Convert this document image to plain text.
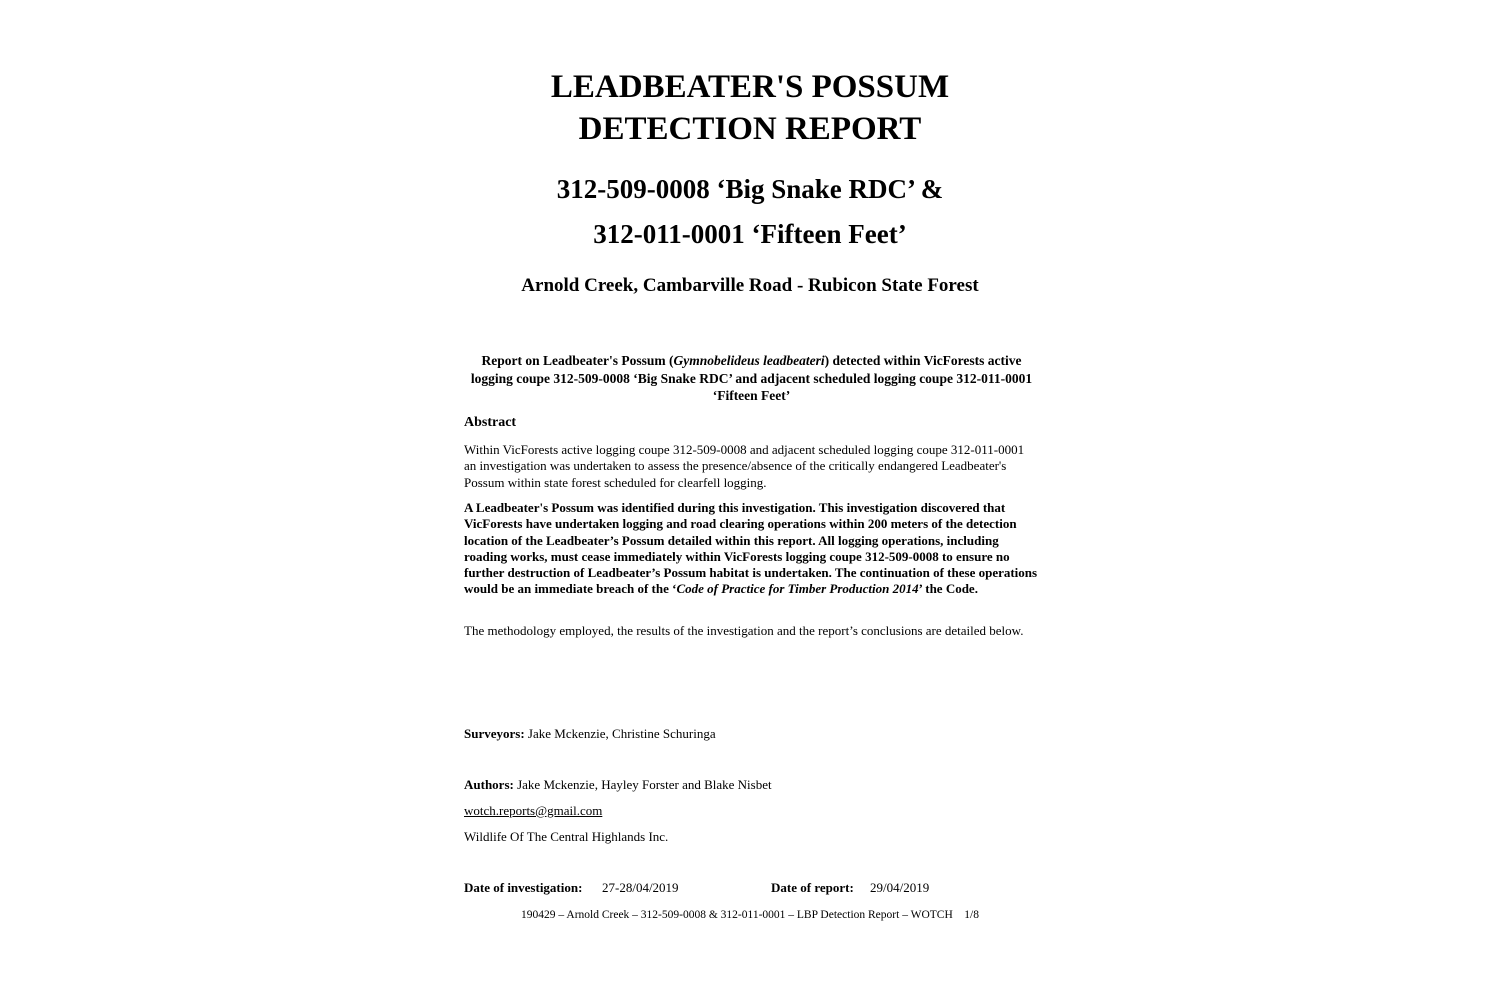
LEADBEATER'S POSSUM
DETECTION REPORT
312-509-0008 ‘Big Snake RDC’ &
312-011-0001 ‘Fifteen Feet’
Arnold Creek, Cambarville Road - Rubicon State Forest

Report on Leadbeater's Possum (Gymnobelideus leadbeateri) detected within VicForests active logging coupe 312-509-0008 ‘Big Snake RDC’ and adjacent scheduled logging coupe 312-011-0001 ‘Fifteen Feet’

Abstract

Within VicForests active logging coupe 312-509-0008 and adjacent scheduled logging coupe 312-011-0001 an investigation was undertaken to assess the presence/absence of the critically endangered Leadbeater's Possum within state forest scheduled for clearfell logging.

A Leadbeater's Possum was identified during this investigation. This investigation discovered that VicForests have undertaken logging and road clearing operations within 200 meters of the detection location of the Leadbeater’s Possum detailed within this report. All logging operations, including roading works, must cease immediately within VicForests logging coupe 312-509-0008 to ensure no further destruction of Leadbeater’s Possum habitat is undertaken. The continuation of these operations would be an immediate breach of the ‘Code of Practice for Timber Production 2014’ the Code.

The methodology employed, the results of the investigation and the report’s conclusions are detailed below.

Surveyors: Jake Mckenzie, Christine Schuringa

Authors: Jake Mckenzie, Hayley Forster and Blake Nisbet

wotch.reports@gmail.com

Wildlife Of The Central Highlands Inc.

Date of investigation: 27-28/04/2019	Date of report: 29/04/2019
190429 – Arnold Creek – 312-509-0008 & 312-011-0001 – LBP Detection Report – WOTCH    1/8
